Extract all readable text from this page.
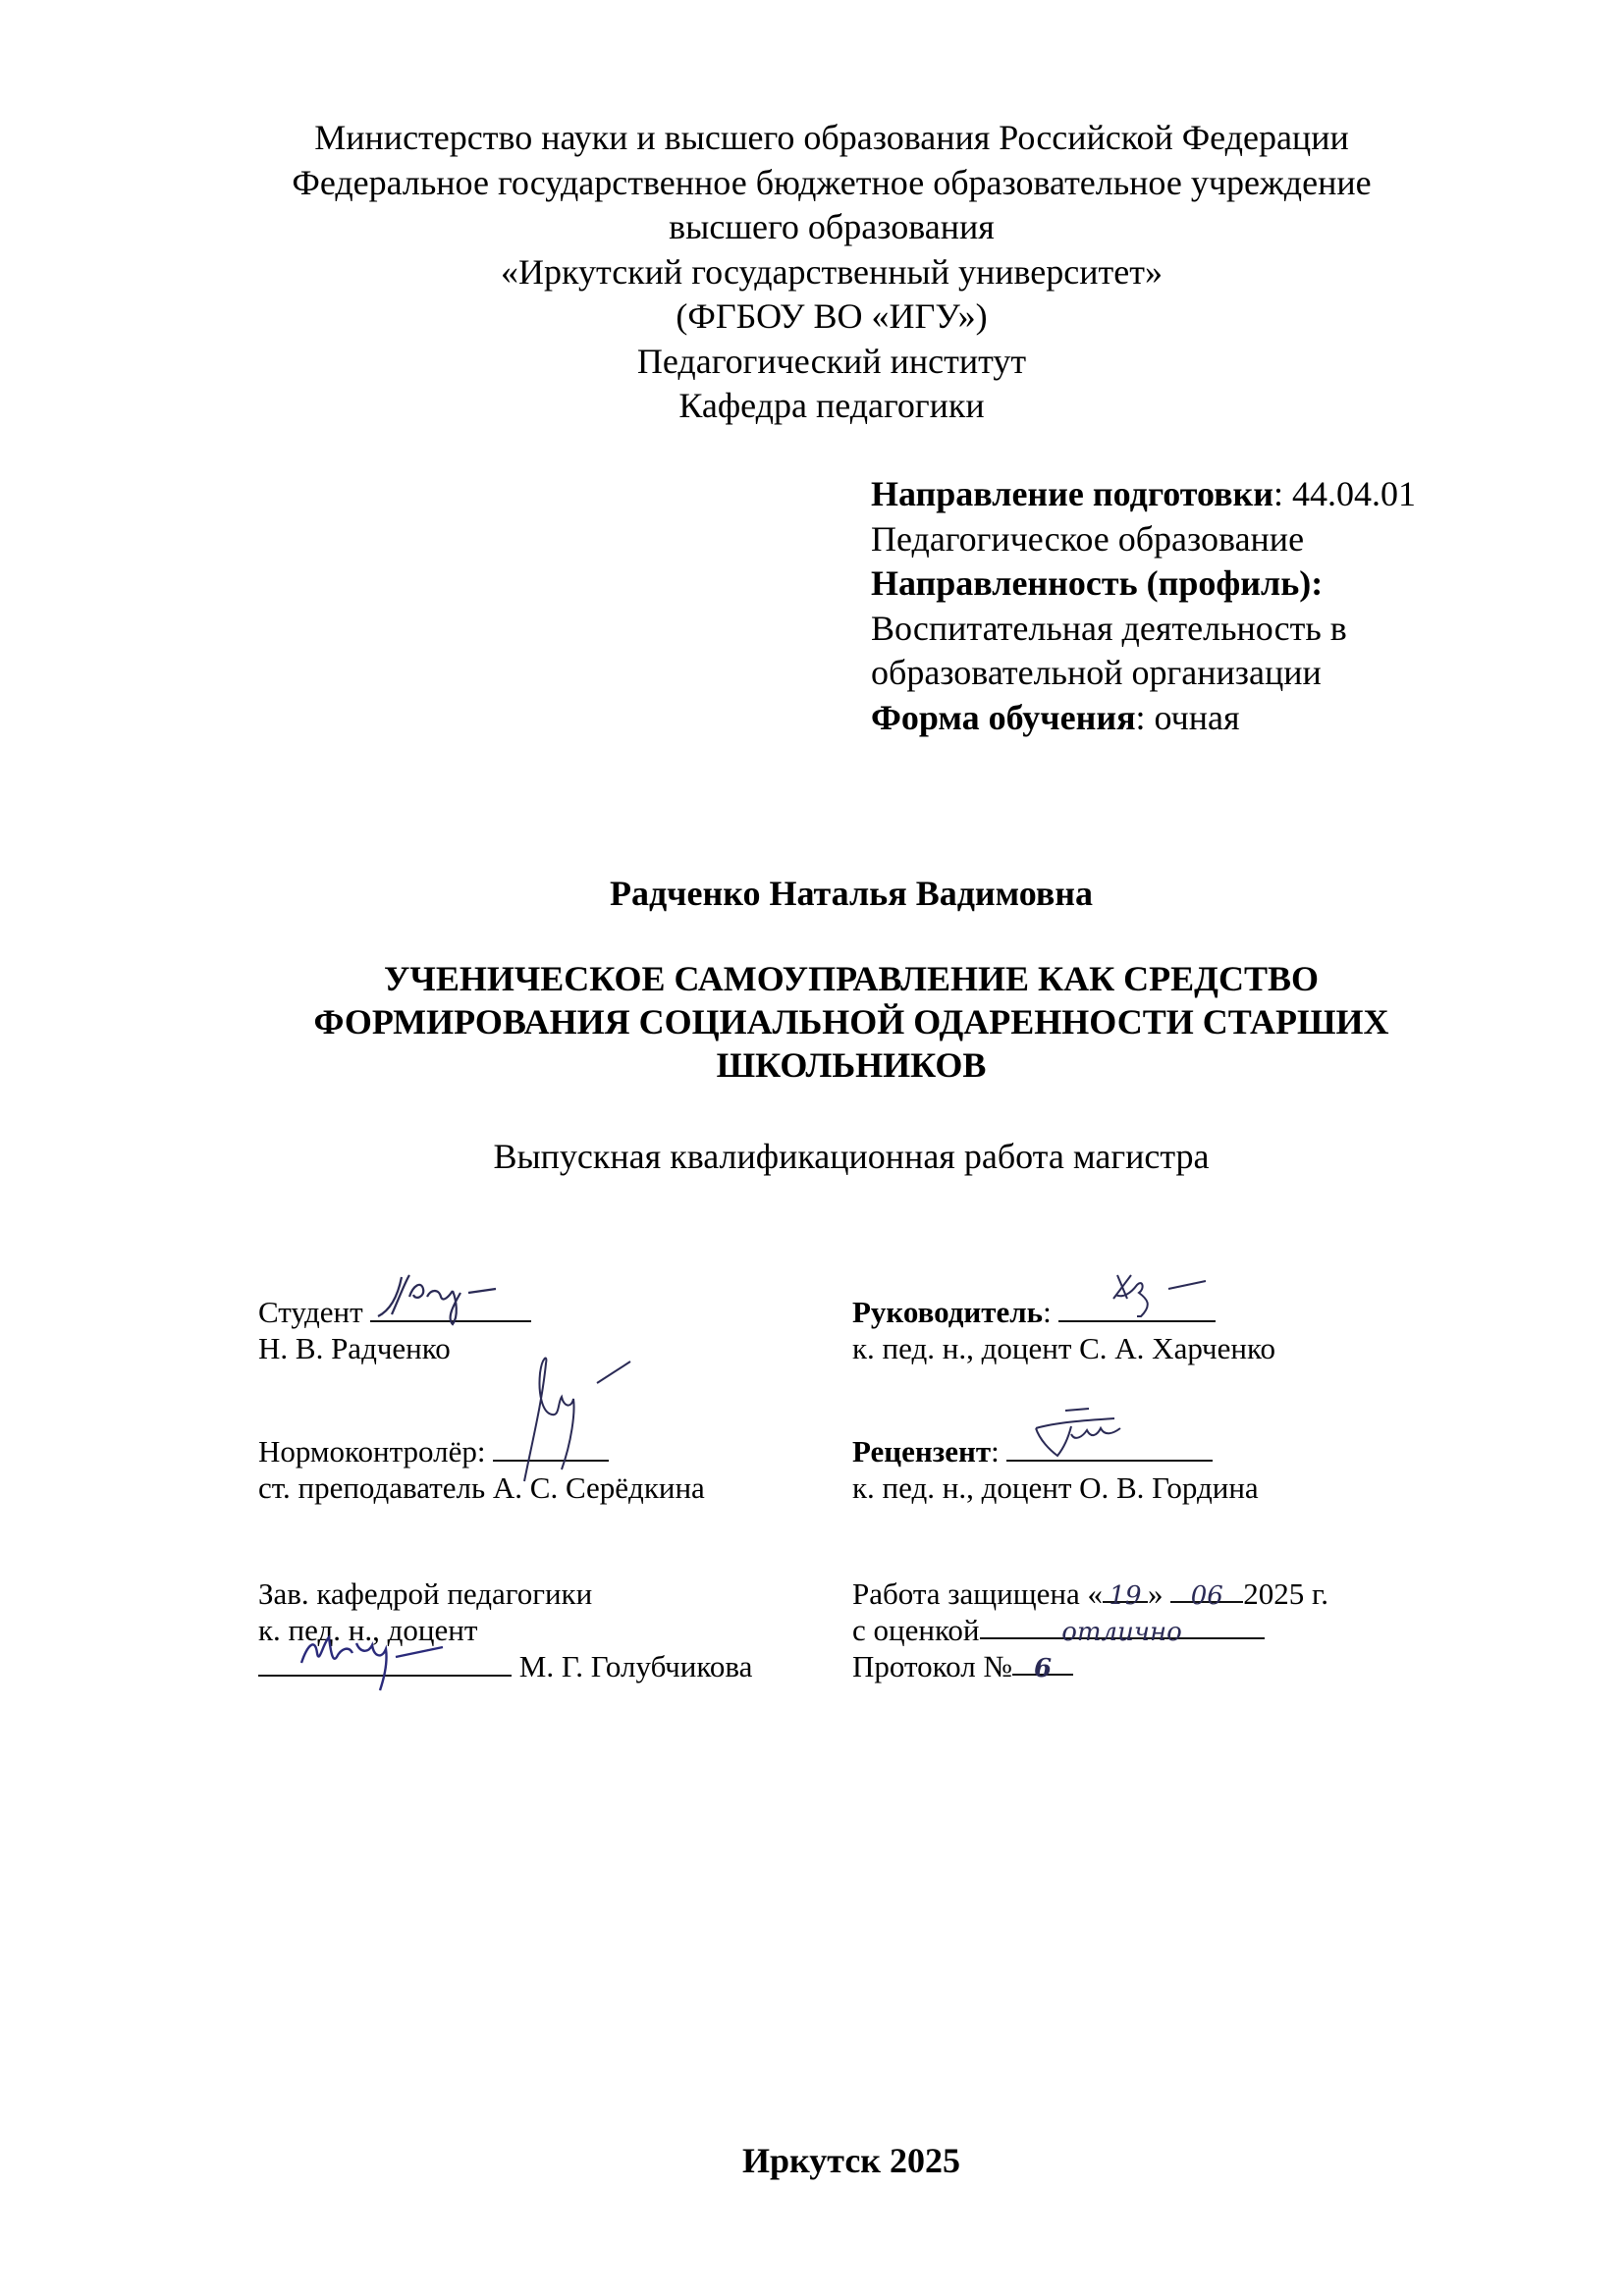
Министерство науки и высшего образования Российской Федерации
Федеральное государственное бюджетное образовательное учреждение
высшего образования
«Иркутский государственный университет»
(ФГБОУ ВО «ИГУ»)
Педагогический институт
Кафедра педагогики
Направление подготовки: 44.04.01
Педагогическое образование
Направленность (профиль):
Воспитательная деятельность в
образовательной организации
Форма обучения: очная
Радченко Наталья Вадимовна
УЧЕНИЧЕСКОЕ САМОУПРАВЛЕНИЕ КАК СРЕДСТВО
ФОРМИРОВАНИЯ СОЦИАЛЬНОЙ ОДАРЕННОСТИ СТАРШИХ
ШКОЛЬНИКОВ
Выпускная квалификационная работа магистра
Студент
Н. В. Радченко
Нормоконтролёр:
ст. преподаватель А. С. Серёдкина
Зав. кафедрой педагогики
к. пед. н., доцент
М. Г. Голубчикова
Руководитель:
к. пед. н., доцент С. А. Харченко
Рецензент:
к. пед. н., доцент О. В. Гордина
Работа защищена « 19 » 06 2025 г.
с оценкой	отлично
Протокол № 6
Иркутск 2025
